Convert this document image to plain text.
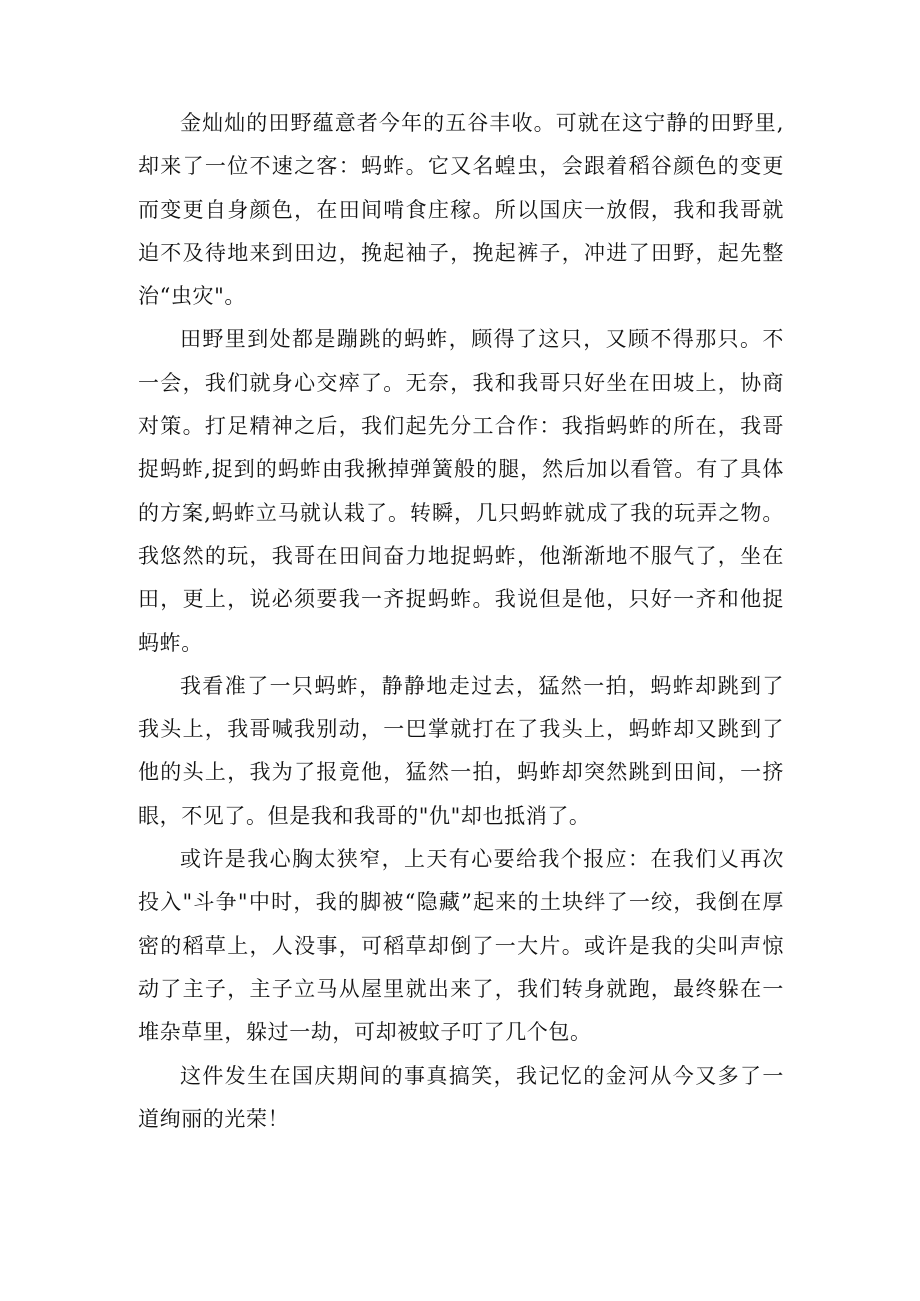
金灿灿的田野蕴意者今年的五谷丰收。可就在这宁静的田野里,却来了一位不速之客：蚂蚱。它又名蝗虫，会跟着稻谷颜色的变更而变更自身颜色，在田间啃食庄稼。所以国庆一放假，我和我哥就迫不及待地来到田边，挽起袖子，挽起裤子，冲进了田野，起先整治“虫灾"。

田野里到处都是蹦跳的蚂蚱，顾得了这只，又顾不得那只。不一会，我们就身心交瘁了。无奈，我和我哥只好坐在田坡上，协商对策。打足精神之后，我们起先分工合作：我指蚂蚱的所在，我哥捉蚂蚱,捉到的蚂蚱由我揪掉弹簧般的腿，然后加以看管。有了具体的方案,蚂蚱立马就认栽了。转瞬，几只蚂蚱就成了我的玩弄之物。我悠然的玩，我哥在田间奋力地捉蚂蚱，他渐渐地不服气了，坐在田，更上，说必须要我一齐捉蚂蚱。我说但是他，只好一齐和他捉蚂蚱。

我看准了一只蚂蚱，静静地走过去，猛然一拍，蚂蚱却跳到了我头上，我哥喊我别动，一巴掌就打在了我头上，蚂蚱却又跳到了他的头上，我为了报竟他，猛然一拍，蚂蚱却突然跳到田间，一挤眼，不见了。但是我和我哥的"仇"却也抵消了。

或许是我心胸太狭窄，上天有心要给我个报应：在我们乂再次投入"斗争"中时，我的脚被“隐藏”起来的土块绊了一绞，我倒在厚密的稻草上，人没事，可稻草却倒了一大片。或许是我的尖叫声惊动了主子，主子立马从屋里就出来了，我们转身就跑，最终躲在一堆杂草里，躲过一劫，可却被蚊子叮了几个包。

这件发生在国庆期间的事真搞笑，我记忆的金河从今又多了一道绚丽的光荣！
